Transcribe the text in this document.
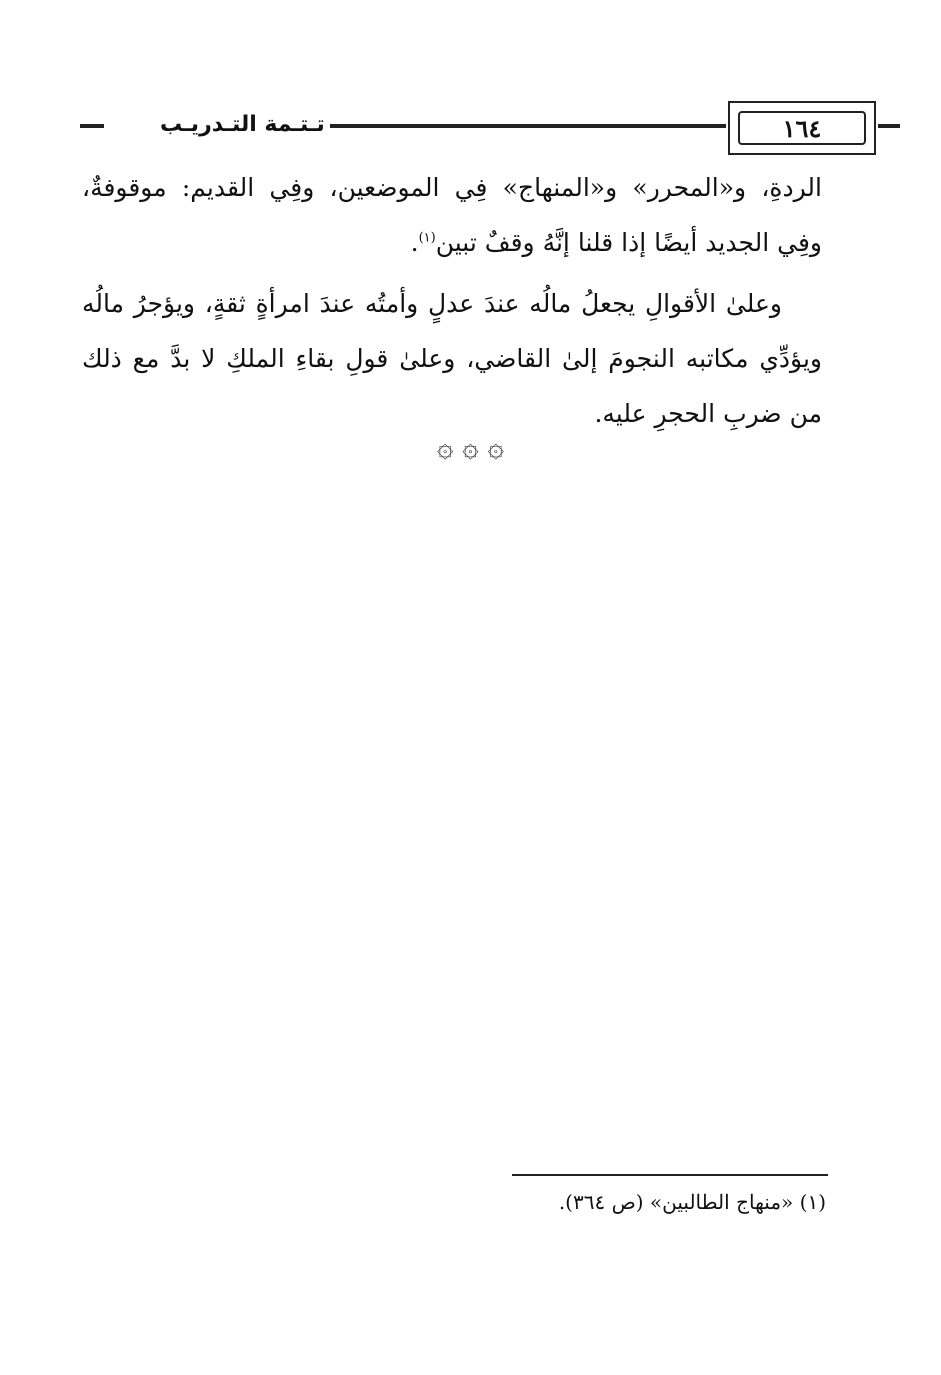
١٦٤
تـتـمة التـدريـب

الردةِ، و«المحرر» و«المنهاج» فِي الموضعين، وفِي القديم: موقوفةٌ، وفِي الجديد أيضًا إذا قلنا إنَّهُ وقفٌ تبين$^{(١)}$.

وعلىٰ الأقوالِ يجعلُ مالُه عندَ عدلٍ وأمتُه عندَ امرأةٍ ثقةٍ، ويؤجرُ مالُه ويؤدِّي مكاتبه النجومَ إلىٰ القاضي، وعلىٰ قولِ بقاءِ الملكِ لا بدَّ مع ذلك من ضربِ الحجرِ عليه.

۞ ۞ ۞
(١) «منهاج الطالبين» (ص ٣٦٤).
